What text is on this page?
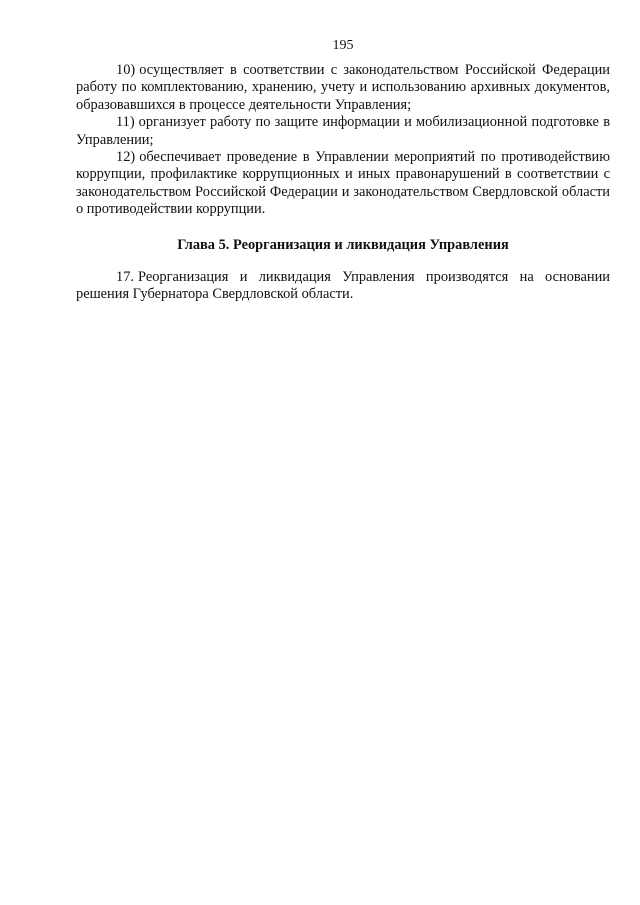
195

10) осуществляет в соответствии с законодательством Российской Федерации работу по комплектованию, хранению, учету и использованию архивных документов, образовавшихся в процессе деятельности Управления;

11) организует работу по защите информации и мобилизационной подготовке в Управлении;

12) обеспечивает проведение в Управлении мероприятий по противодействию коррупции, профилактике коррупционных и иных правонарушений в соответствии с законодательством Российской Федерации и законодательством Свердловской области о противодействии коррупции.

Глава 5. Реорганизация и ликвидация Управления

17. Реорганизация и ликвидация Управления производятся на основании решения Губернатора Свердловской области.
